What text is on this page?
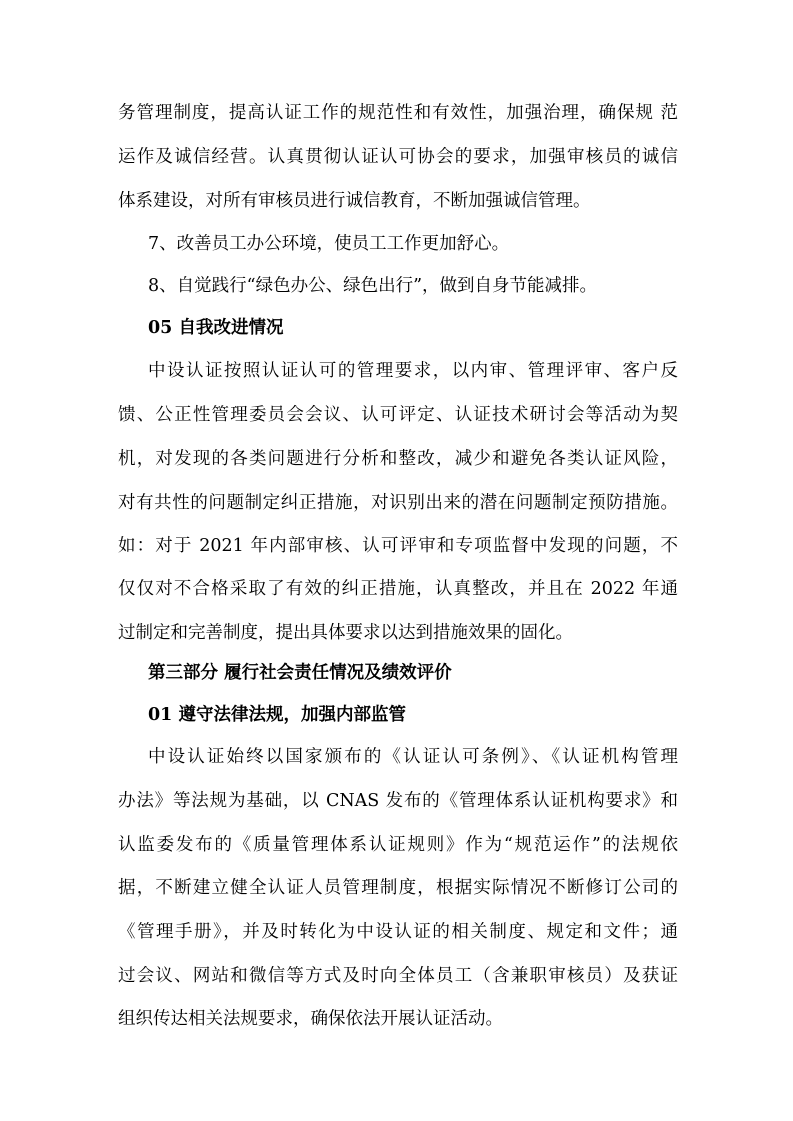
务管理制度，提高认证工作的规范性和有效性，加强治理，确保规 范
运作及诚信经营。认真贯彻认证认可协会的要求，加强审核员的诚信
体系建设，对所有审核员进行诚信教育，不断加强诚信管理。
7、改善员工办公环境，使员工工作更加舒心。
8、自觉践行“绿色办公、绿色出行”，做到自身节能减排。
05 自我改进情况
中设认证按照认证认可的管理要求，以内审、管理评审、客户反
馈、公正性管理委员会会议、认可评定、认证技术研讨会等活动为契
机，对发现的各类问题进行分析和整改，减少和避免各类认证风险，
对有共性的问题制定纠正措施，对识别出来的潜在问题制定预防措施。
如：对于 2021 年内部审核、认可评审和专项监督中发现的问题，不
仅仅对不合格采取了有效的纠正措施，认真整改，并且在 2022 年通
过制定和完善制度，提出具体要求以达到措施效果的固化。
第三部分 履行社会责任情况及绩效评价
01 遵守法律法规，加强内部监管
中设认证始终以国家颁布的《认证认可条例》、《认证机构管理
办法》等法规为基础，以 CNAS 发布的《管理体系认证机构要求》和
认监委发布的《质量管理体系认证规则》作为“规范运作”的法规依
据，不断建立健全认证人员管理制度，根据实际情况不断修订公司的
《管理手册》，并及时转化为中设认证的相关制度、规定和文件；通
过会议、网站和微信等方式及时向全体员工（含兼职审核员）及获证
组织传达相关法规要求，确保依法开展认证活动。
